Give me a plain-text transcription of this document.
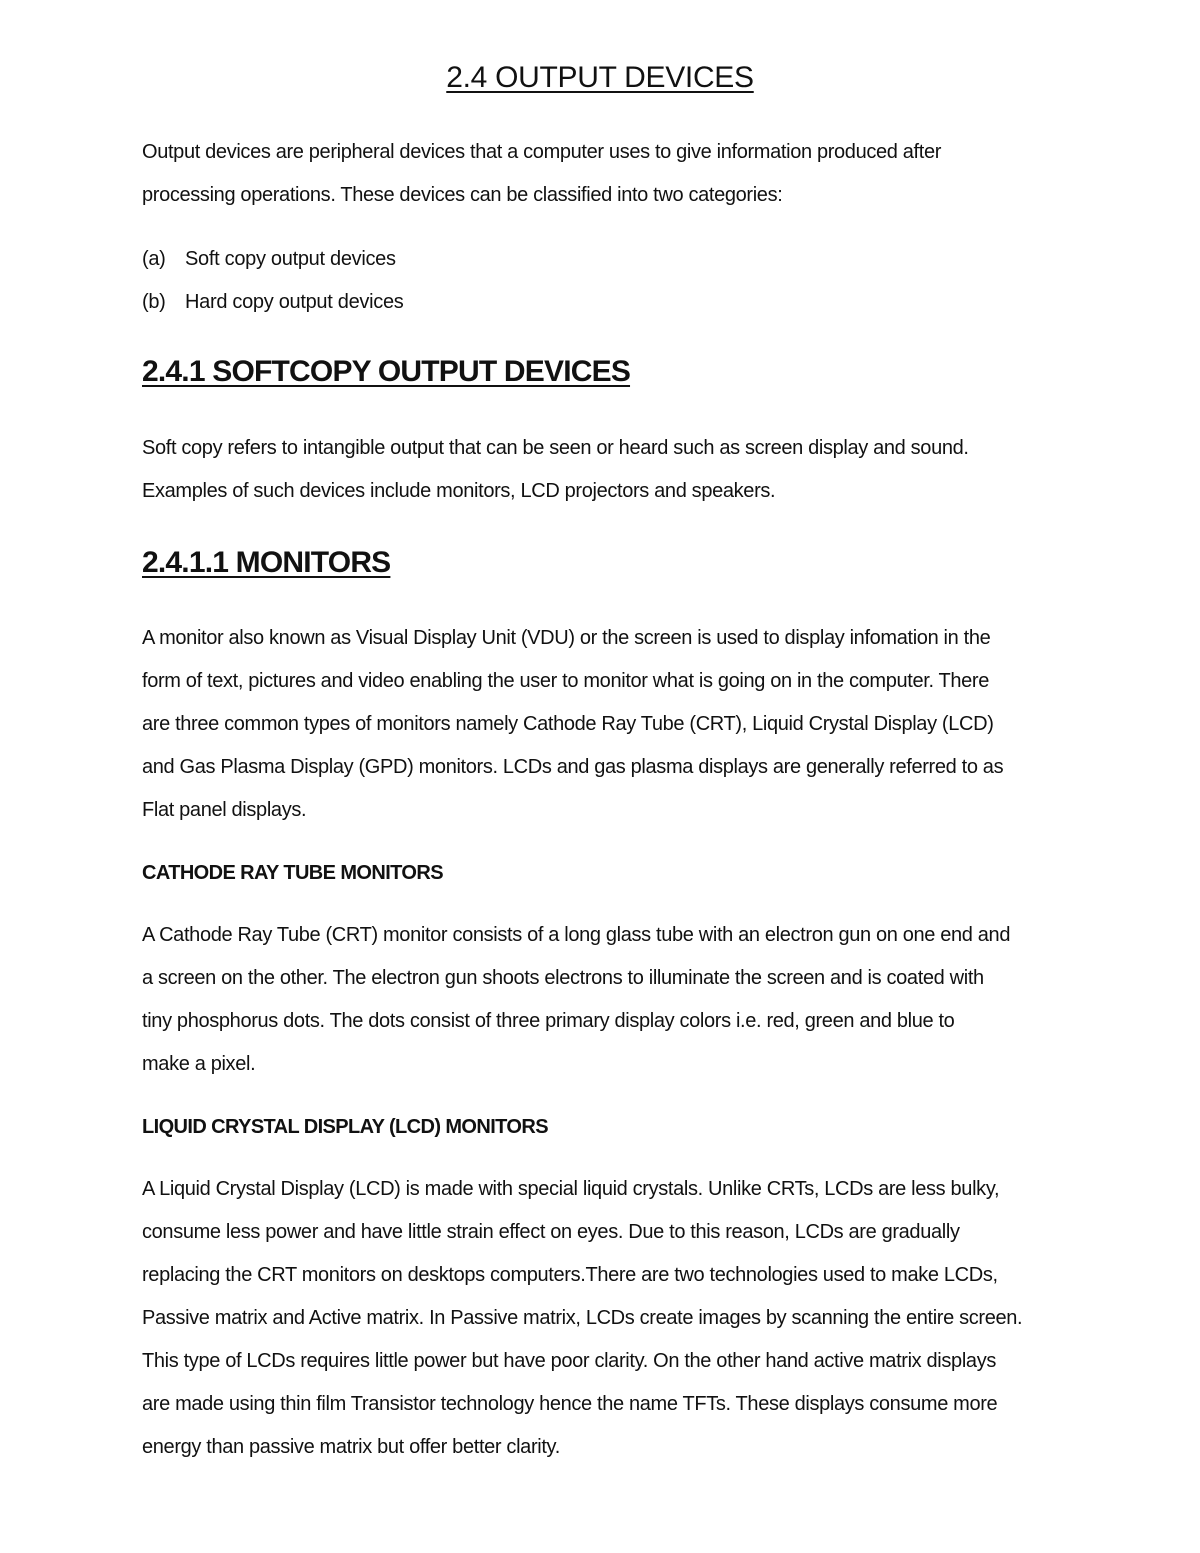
2.4 OUTPUT DEVICES

Output devices are peripheral devices that a computer uses to give information produced after
processing operations. These devices can be classified into two categories:

(a) Soft copy output devices
(b) Hard copy output devices
2.4.1 SOFTCOPY OUTPUT DEVICES

Soft copy refers to intangible output that can be seen or heard such as screen display and sound.
Examples of such devices include monitors, LCD projectors and speakers.

2.4.1.1 MONITORS

A monitor also known as Visual Display Unit (VDU) or the screen is used to display infomation in the
form of text, pictures and video enabling the user to monitor what is going on in the computer. There
are three common types of monitors namely Cathode Ray Tube (CRT), Liquid Crystal Display (LCD)
and Gas Plasma Display (GPD) monitors. LCDs and gas plasma displays are generally referred to as
Flat panel displays.

CATHODE RAY TUBE MONITORS

A Cathode Ray Tube (CRT) monitor consists of a long glass tube with an electron gun on one end and
a screen on the other. The electron gun shoots electrons to illuminate the screen and is coated with
tiny phosphorus dots. The dots consist of three primary display colors i.e. red, green and blue to
make a pixel.

LIQUID CRYSTAL DISPLAY (LCD) MONITORS

A Liquid Crystal Display (LCD) is made with special liquid crystals. Unlike CRTs, LCDs are less bulky,
consume less power and have little strain effect on eyes. Due to this reason, LCDs are gradually
replacing the CRT monitors on desktops computers.There are two technologies used to make LCDs,
Passive matrix and Active matrix. In Passive matrix, LCDs create images by scanning the entire screen.
This type of LCDs requires little power but have poor clarity. On the other hand active matrix displays
are made using thin film Transistor technology hence the name TFTs. These displays consume more
energy than passive matrix but offer better clarity.
